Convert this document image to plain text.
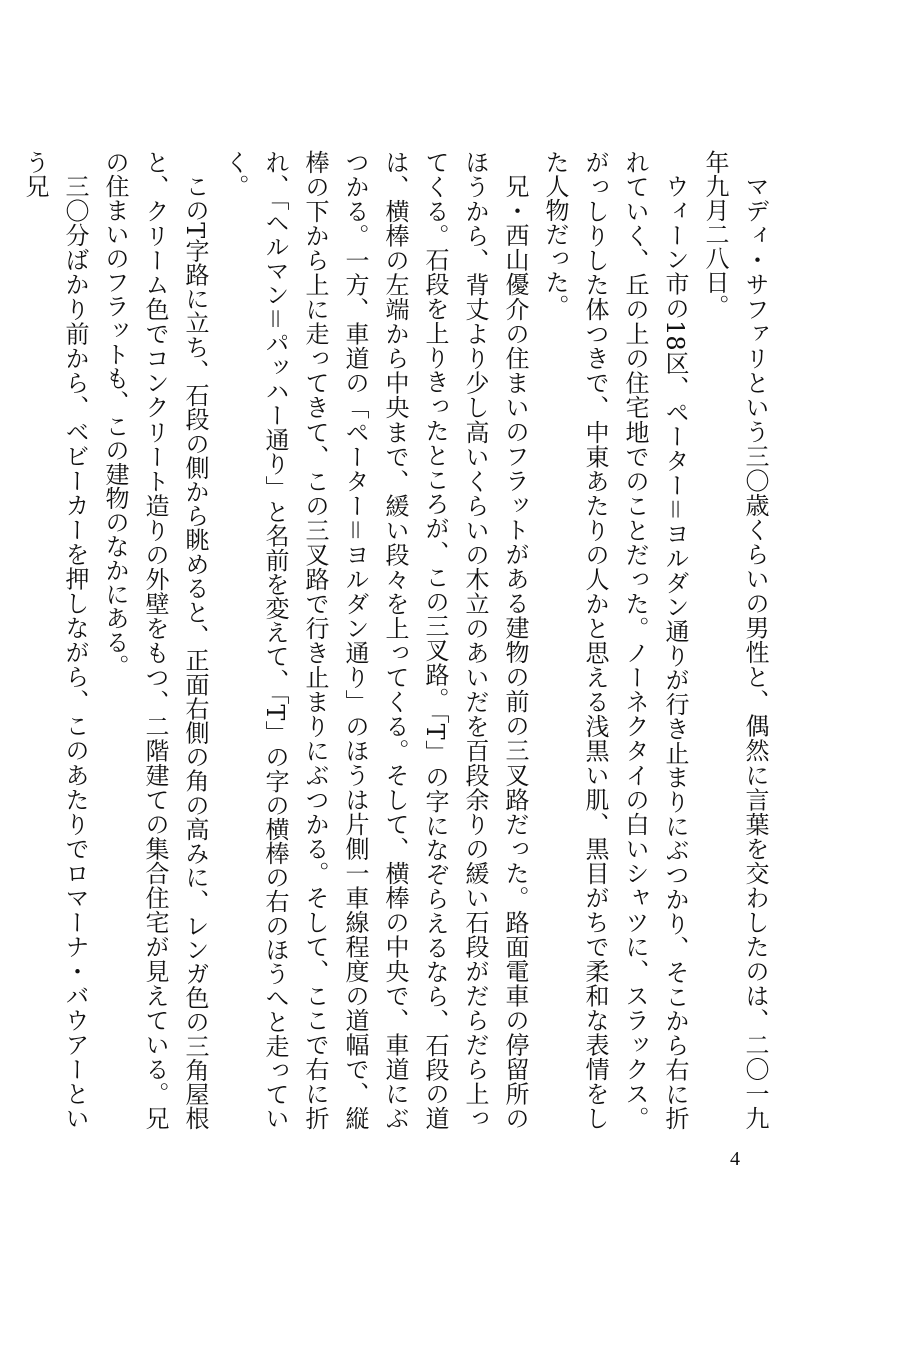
マディ・サファリという三〇歳くらいの男性と、偶然に言葉を交わしたのは、二〇一九年九月二八日。

ウィーン市の18区、ペーター＝ヨルダン通りが行き止まりにぶつかり、そこから右に折れていく、丘の上の住宅地でのことだった。ノーネクタイの白いシャツに、スラックス。がっしりした体つきで、中東あたりの人かと思える浅黒い肌、黒目がちで柔和な表情をした人物だった。

兄・西山優介の住まいのフラットがある建物の前の三叉路だった。路面電車の停留所のほうから、背丈より少し高いくらいの木立のあいだを百段余りの緩い石段がだらだら上ってくる。石段を上りきったところが、この三叉路。「T」の字になぞらえるなら、石段の道は、横棒の左端から中央まで、緩い段々を上ってくる。そして、横棒の中央で、車道にぶつかる。一方、車道の「ペーター＝ヨルダン通り」のほうは片側一車線程度の道幅で、縦棒の下から上に走ってきて、この三叉路で行き止まりにぶつかる。そして、ここで右に折れ、「ヘルマン＝パッハー通り」と名前を変えて、「T」の字の横棒の右のほうへと走っていく。

このT字路に立ち、石段の側から眺めると、正面右側の角の高みに、レンガ色の三角屋根と、クリーム色でコンクリート造りの外壁をもつ、二階建ての集合住宅が見えている。兄の住まいのフラットも、この建物のなかにある。

三〇分ばかり前から、ベビーカーを押しながら、このあたりでロマーナ・バウアーという兄

4
